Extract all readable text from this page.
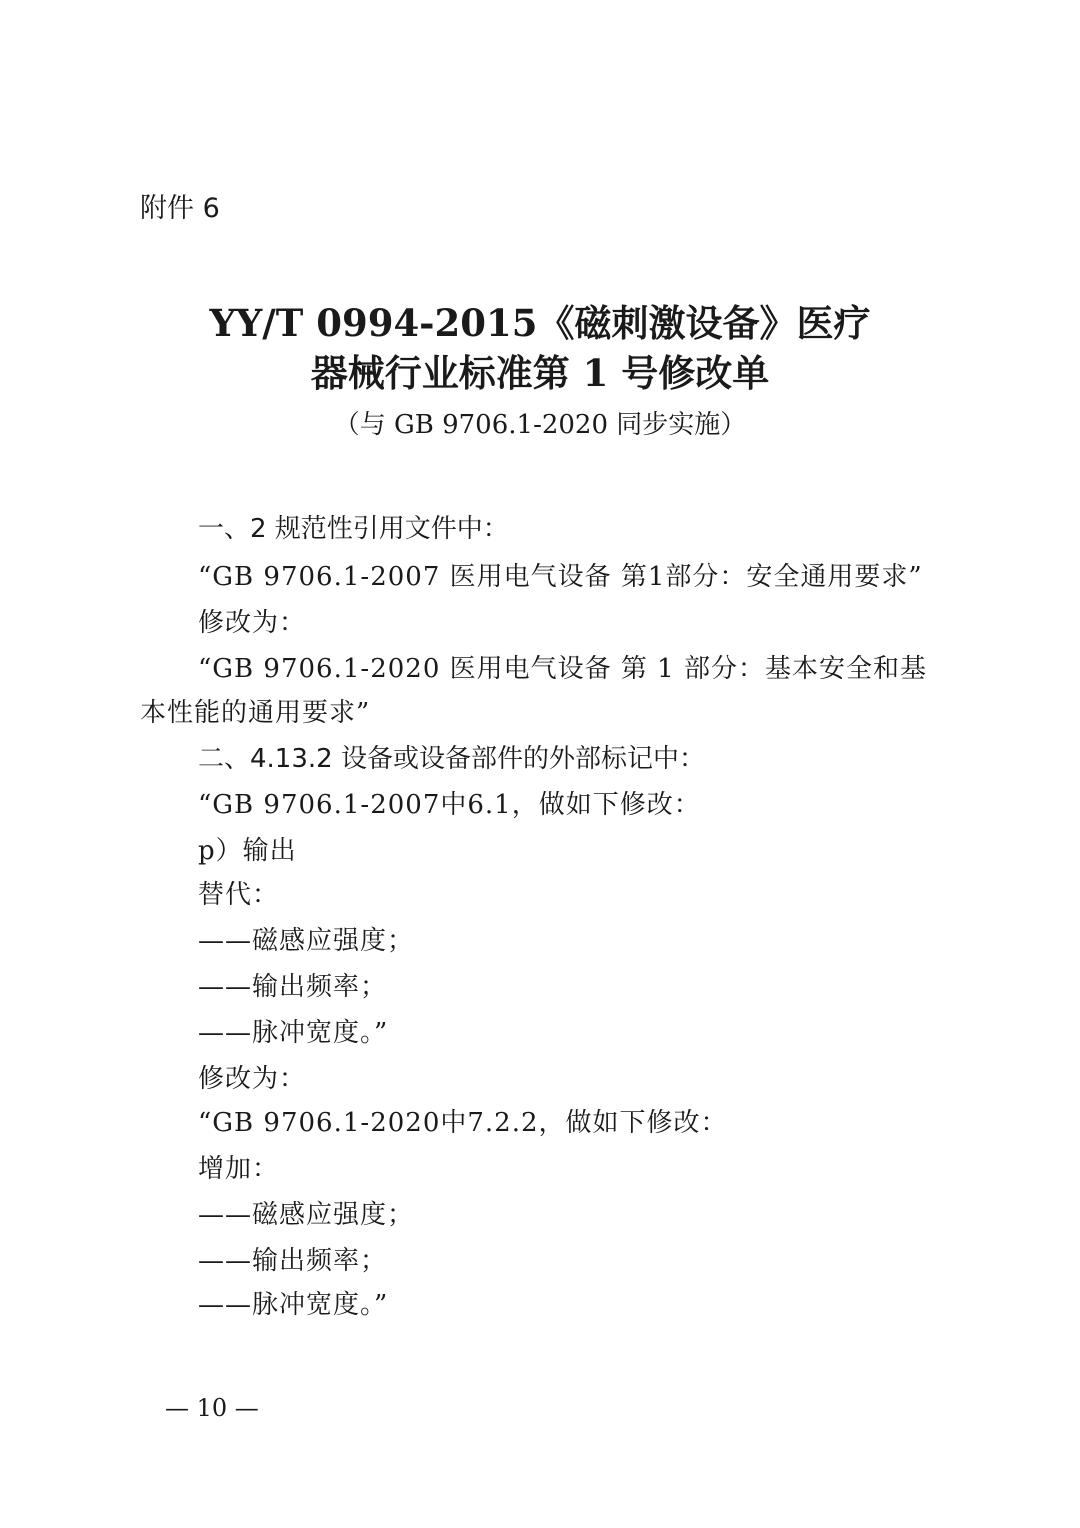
附件 6
YY/T 0994-2015《磁刺激设备》医疗
器械行业标准第 1 号修改单
（与 GB 9706.1-2020 同步实施）
一、2 规范性引用文件中：
“GB 9706.1-2007 医用电气设备 第1部分：安全通用要求”
修改为：
“GB 9706.1-2020 医用电气设备 第 1 部分：基本安全和基
本性能的通用要求”
二、4.13.2 设备或设备部件的外部标记中：
“GB 9706.1-2007中6.1，做如下修改：
p）输出
替代：
——磁感应强度；
——输出频率；
——脉冲宽度。”
修改为：
“GB 9706.1-2020中7.2.2，做如下修改：
增加：
——磁感应强度；
——输出频率；
——脉冲宽度。”
— 10 —
